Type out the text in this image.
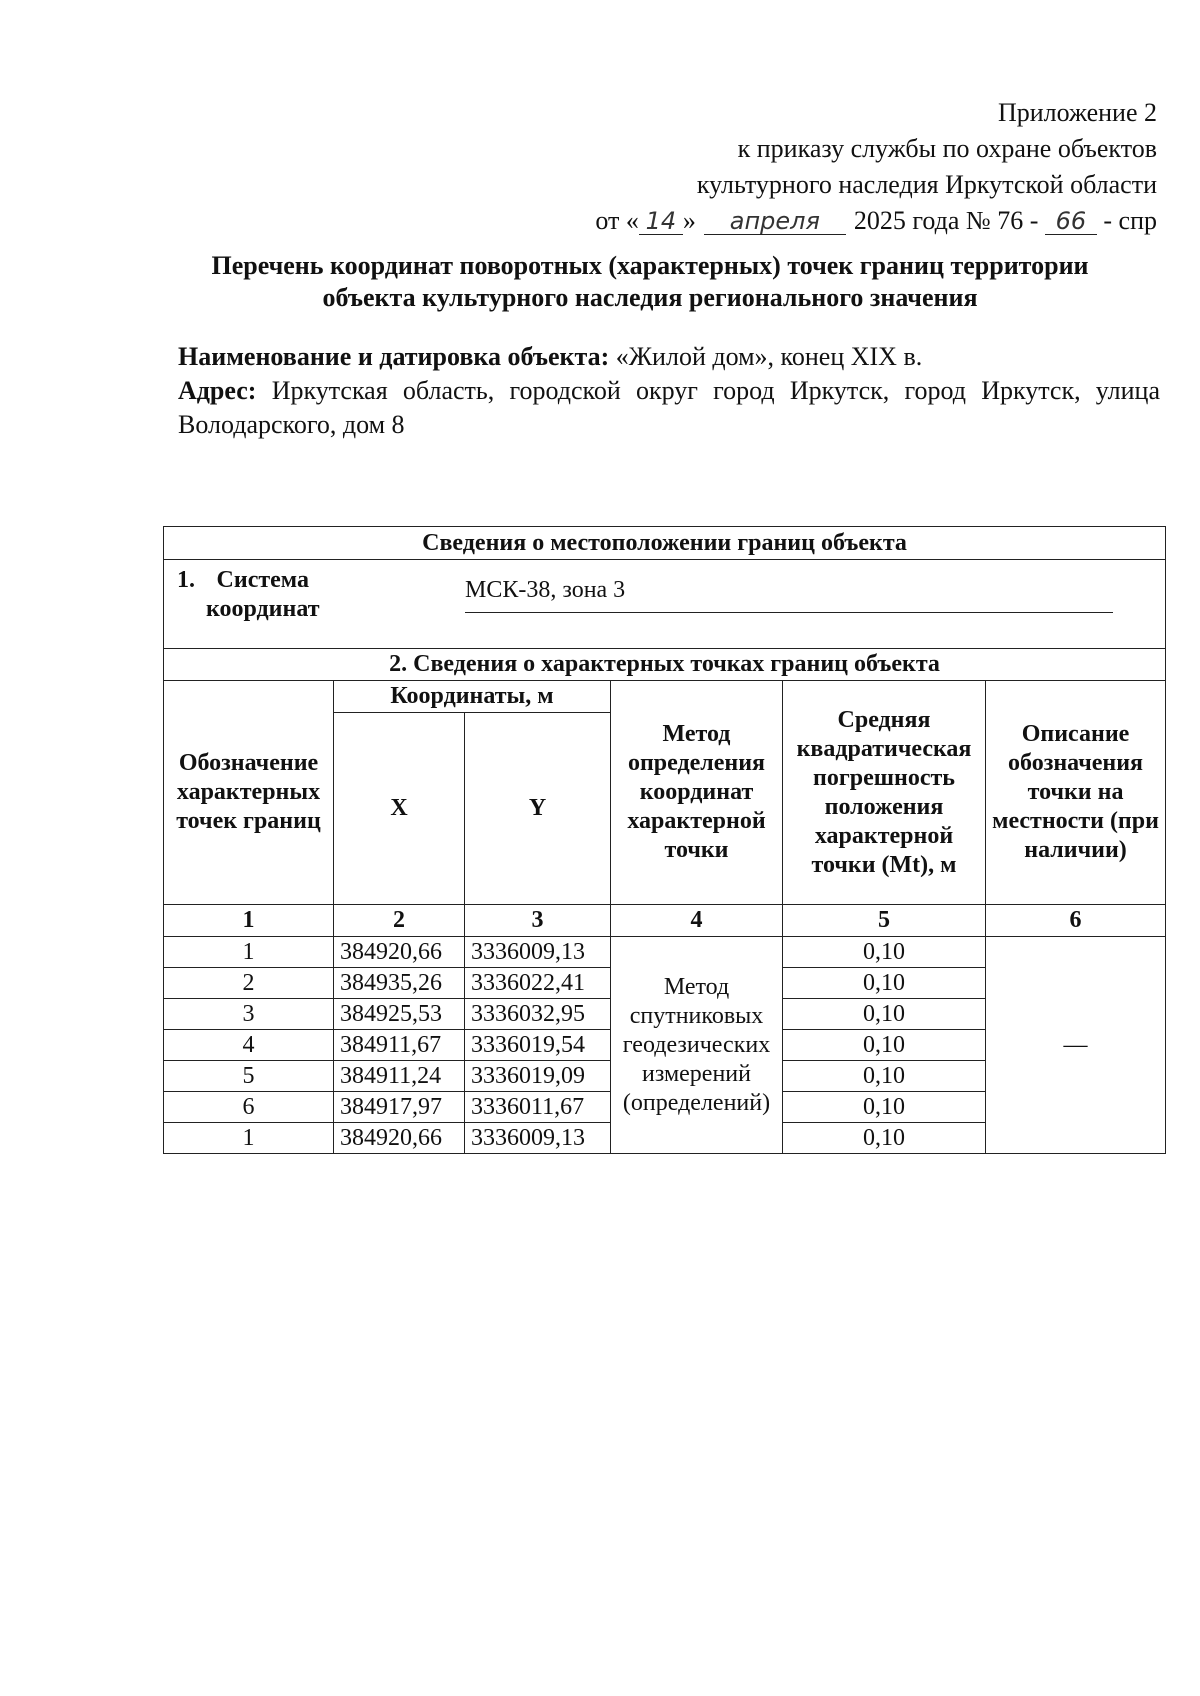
Приложение 2
к приказу службы по охране объектов
культурного наследия Иркутской области
от « 14 » апреля 2025 года № 76 - 66 - спр
Перечень координат поворотных (характерных) точек границ территории
объекта культурного наследия регионального значения

Наименование и датировка объекта: «Жилой дом», конец XIX в.

Адрес: Иркутская область, городской округ город Иркутск, город Иркутск, улица Володарского, дом 8

Сведения о местоположении границ объекта					

1. Система
координат
МСК-38, зона 3					

2. Сведения о характерных точках границ объекта					
Обозначение характерных точек границ	Координаты, м		Метод определения координат характерной точки	Средняя квадратическая погрешность положения характерной точки (Mt), м	Описание обозначения точки на местности (при наличии)
	X	Y			
1	2	3	4	5	6
1	384920,66	3336009,13	Метод спутниковых геодезических измерений (определений)	0,10	—
2	384935,26	3336022,41		0,10	
3	384925,53	3336032,95		0,10	
4	384911,67	3336019,54		0,10	
5	384911,24	3336019,09		0,10	
6	384917,97	3336011,67		0,10	
1	384920,66	3336009,13		0,10	
